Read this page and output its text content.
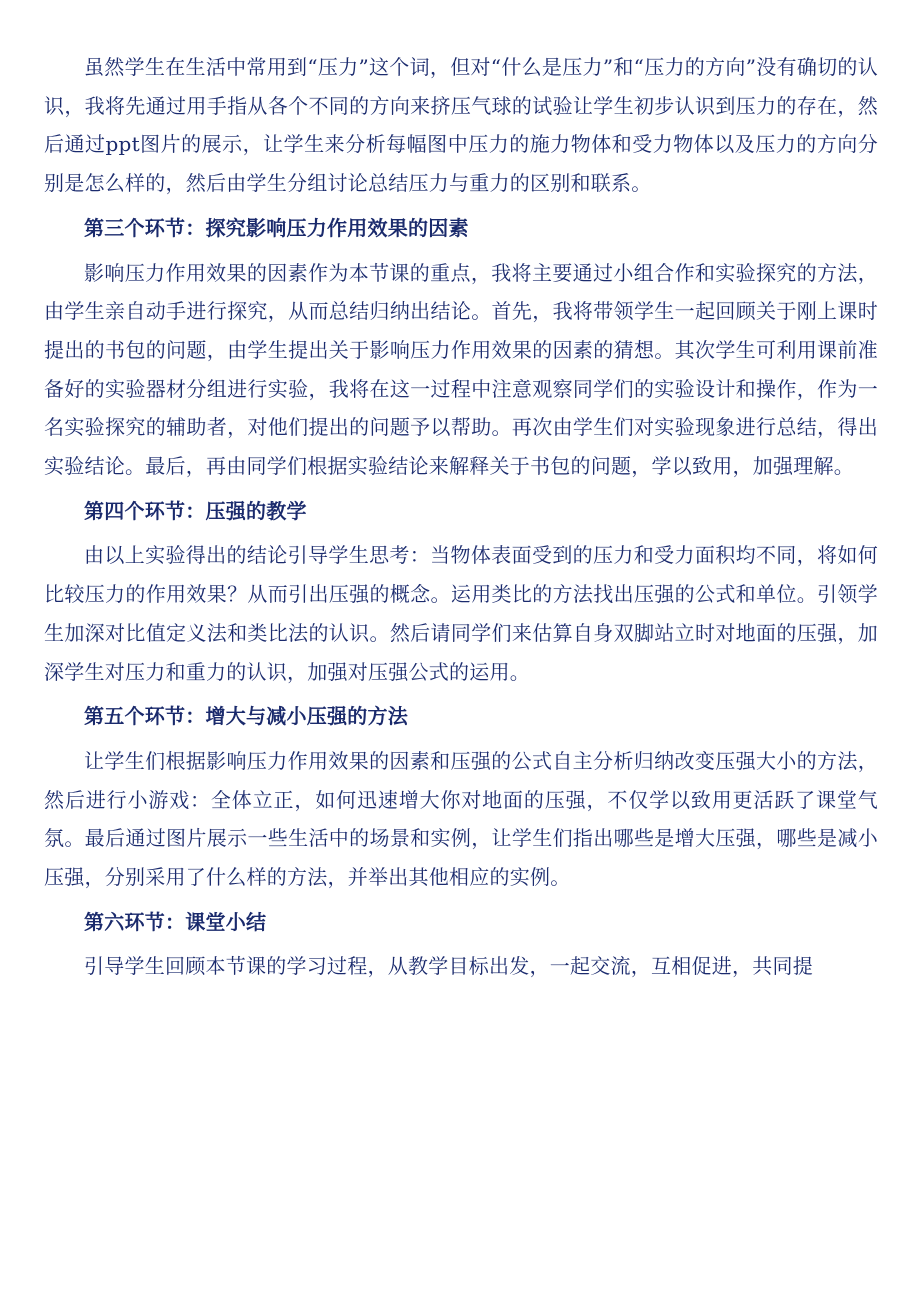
虽然学生在生活中常用到“压力”这个词，但对“什么是压力”和“压力的方向”没有确切的认识，我将先通过用手指从各个不同的方向来挤压气球的试验让学生初步认识到压力的存在，然后通过ppt图片的展示，让学生来分析每幅图中压力的施力物体和受力物体以及压力的方向分别是怎么样的，然后由学生分组讨论总结压力与重力的区别和联系。

第三个环节：探究影响压力作用效果的因素

影响压力作用效果的因素作为本节课的重点，我将主要通过小组合作和实验探究的方法，由学生亲自动手进行探究，从而总结归纳出结论。首先，我将带领学生一起回顾关于刚上课时提出的书包的问题，由学生提出关于影响压力作用效果的因素的猜想。其次学生可利用课前准备好的实验器材分组进行实验，我将在这一过程中注意观察同学们的实验设计和操作，作为一名实验探究的辅助者，对他们提出的问题予以帮助。再次由学生们对实验现象进行总结，得出实验结论。最后，再由同学们根据实验结论来解释关于书包的问题，学以致用，加强理解。

第四个环节：压强的教学

由以上实验得出的结论引导学生思考：当物体表面受到的压力和受力面积均不同，将如何比较压力的作用效果？从而引出压强的概念。运用类比的方法找出压强的公式和单位。引领学生加深对比值定义法和类比法的认识。然后请同学们来估算自身双脚站立时对地面的压强，加深学生对压力和重力的认识，加强对压强公式的运用。

第五个环节：增大与减小压强的方法

让学生们根据影响压力作用效果的因素和压强的公式自主分析归纳改变压强大小的方法，然后进行小游戏：全体立正，如何迅速增大你对地面的压强，不仅学以致用更活跃了课堂气氛。最后通过图片展示一些生活中的场景和实例，让学生们指出哪些是增大压强，哪些是减小压强，分别采用了什么样的方法，并举出其他相应的实例。

第六环节：课堂小结

引导学生回顾本节课的学习过程，从教学目标出发，一起交流，互相促进，共同提
